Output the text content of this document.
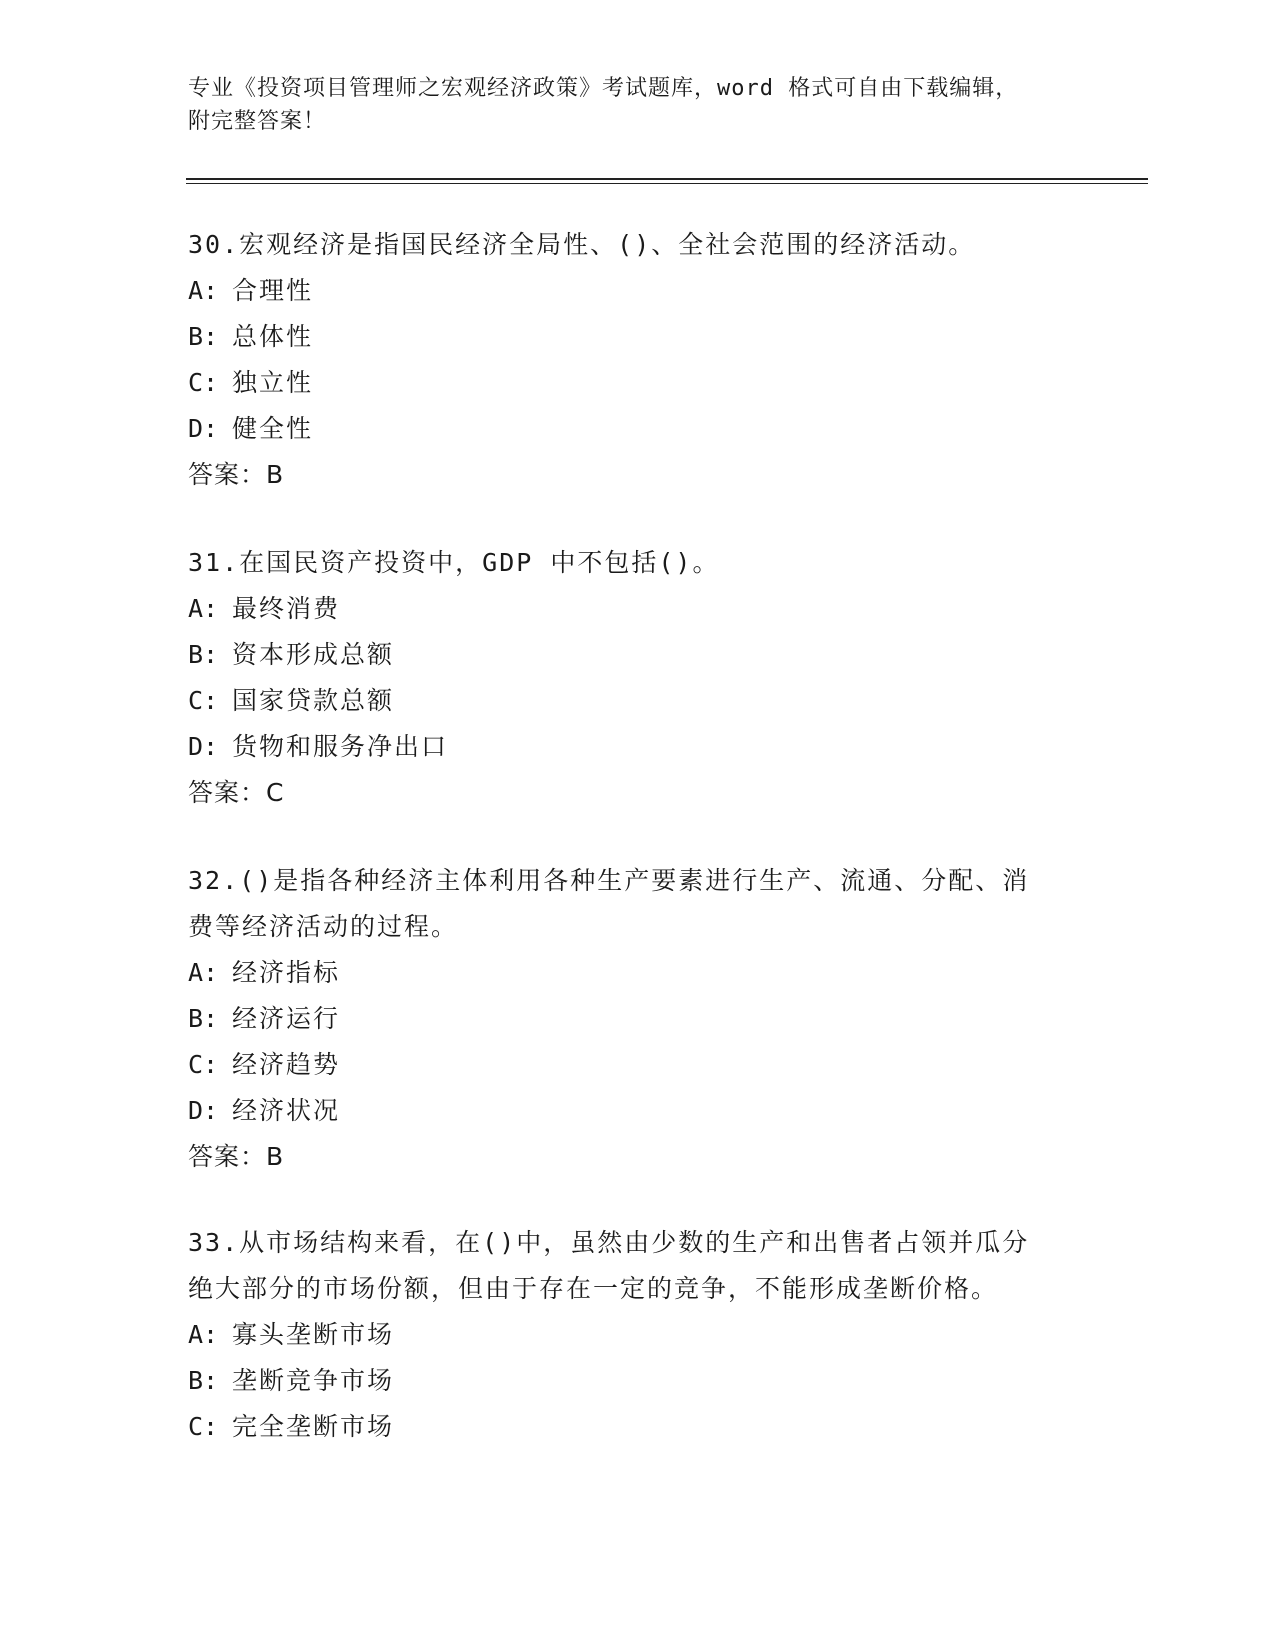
专业《投资项目管理师之宏观经济政策》考试题库，word 格式可自由下载编辑，
附完整答案！
30.宏观经济是指国民经济全局性、()、全社会范围的经济活动。
A: 合理性
B: 总体性
C: 独立性
D: 健全性
答案：B
31.在国民资产投资中，GDP 中不包括()。
A: 最终消费
B: 资本形成总额
C: 国家贷款总额
D: 货物和服务净出口
答案：C
32.()是指各种经济主体利用各种生产要素进行生产、流通、分配、消
费等经济活动的过程。
A: 经济指标
B: 经济运行
C: 经济趋势
D: 经济状况
答案：B
33.从市场结构来看，在()中，虽然由少数的生产和出售者占领并瓜分
绝大部分的市场份额，但由于存在一定的竞争，不能形成垄断价格。
A: 寡头垄断市场
B: 垄断竞争市场
C: 完全垄断市场
